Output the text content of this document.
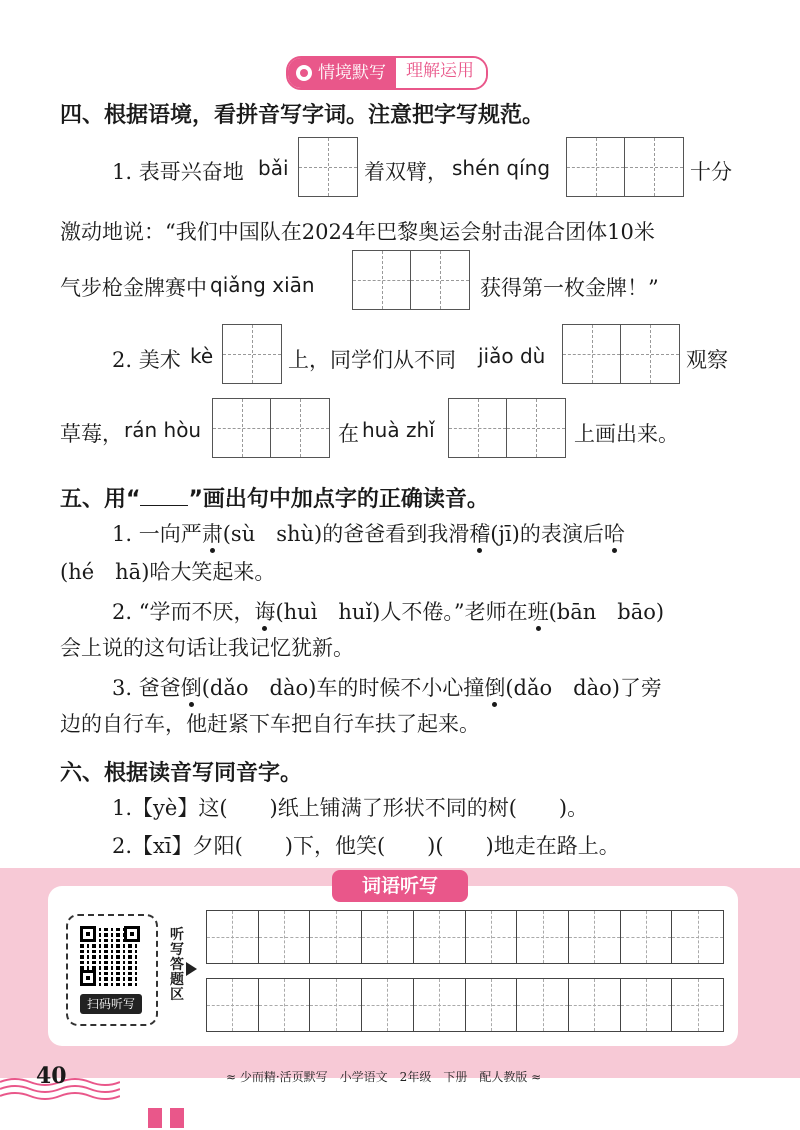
情境默写	理解运用
四、根据语境，看拼音写字词。注意把字写规范。
1. 表哥兴奋地 bǎi	着双臂， shén qíng	十分
激动地说：“我们中国队在2024年巴黎奥运会射击混合团体10米
气步枪金牌赛中 qiǎng xiān	获得第一枚金牌！”
2. 美术 kè	上，同学们从不同 jiǎo dù	观察
草莓， rán hòu	在 huà zhǐ	上画出来。
五、用“ ”画出句中加点字的正确读音。
1. 一向严肃(sù　shù)的爸爸看到我滑稽(jī)的表演后哈
(hé　hā)哈大笑起来。
2. “学而不厌，诲(huì　huǐ)人不倦。”老师在班(bān　bāo)
会上说的这句话让我记忆犹新。
3. 爸爸倒(dǎo　dào)车的时候不小心撞倒(dǎo　dào)了旁
边的自行车，他赶紧下车把自行车扶了起来。
六、根据读音写同音字。
1.【yè】这(　　)纸上铺满了形状不同的树(　　)。
2.【xī】夕阳(　　)下，他笑(　　)(　　)地走在路上。
词语听写
扫码听写
听写答题区
40	≈ 少而精·活页默写　小学语文　2年级　下册　配人教版 ≈
